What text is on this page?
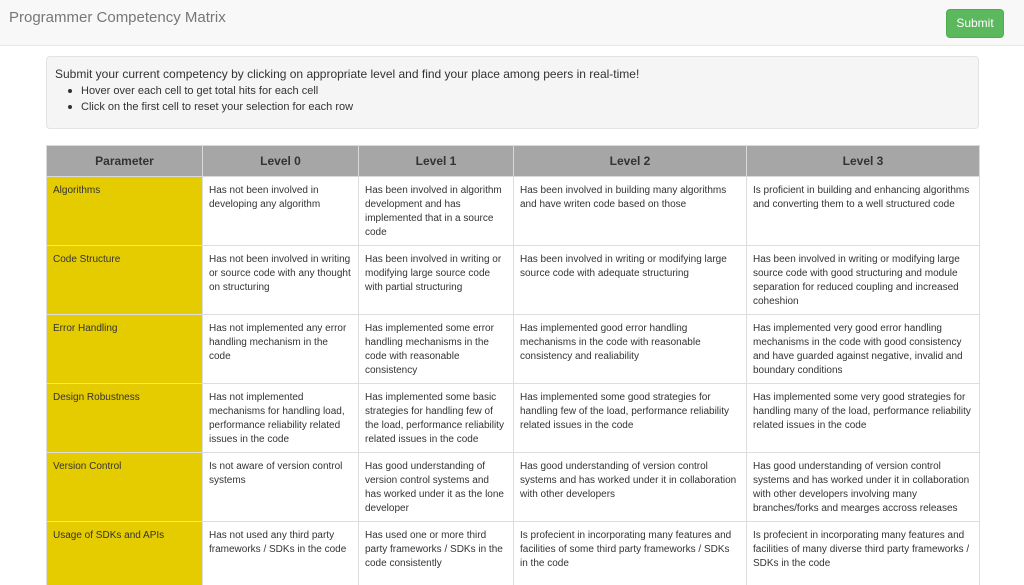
Programmer Competency Matrix	Submit
Submit your current competency by clicking on appropriate level and find your place among peers in real-time!
Hover over each cell to get total hits for each cell
Click on the first cell to reset your selection for each row
Parameter	Level 0	Level 1	Level 2	Level 3
Algorithms	Has not been involved in developing any algorithm	Has been involved in algorithm development and has implemented that in a source code	Has been involved in building many algorithms and have writen code based on those	Is proficient in building and enhancing algorithms and converting them to a well structured code
Code Structure	Has not been involved in writing or source code with any thought on structuring	Has been involved in writing or modifying large source code with partial structuring	Has been involved in writing or modifying large source code with adequate structuring	Has been involved in writing or modifying large source code with good structuring and module separation for reduced coupling and increased coheshion
Error Handling	Has not implemented any error handling mechanism in the code	Has implemented some error handling mechanisms in the code with reasonable consistency	Has implemented good error handling mechanisms in the code with reasonable consistency and realiability	Has implemented very good error handling mechanisms in the code with good consistency and have guarded against negative, invalid and boundary conditions
Design Robustness	Has not implemented mechanisms for handling load, performance reliability related issues in the code	Has implemented some basic strategies for handling few of the load, performance reliability related issues in the code	Has implemented some good strategies for handling few of the load, performance reliability related issues in the code	Has implemented some very good strategies for handling many of the load, performance reliability related issues in the code
Version Control	Is not aware of version control systems	Has good understanding of version control systems and has worked under it as the lone developer	Has good understanding of version control systems and has worked under it in collaboration with other developers	Has good understanding of version control systems and has worked under it in collaboration with other developers involving many branches/forks and mearges accross releases
Usage of SDKs and APIs	Has not used any third party frameworks / SDKs in the code	Has used one or more third party frameworks / SDKs in the code consistently	Is profecient in incorporating many features and facilities of some third party frameworks / SDKs in the code	Is profecient in incorporating many features and facilities of many diverse third party frameworks / SDKs in the code
